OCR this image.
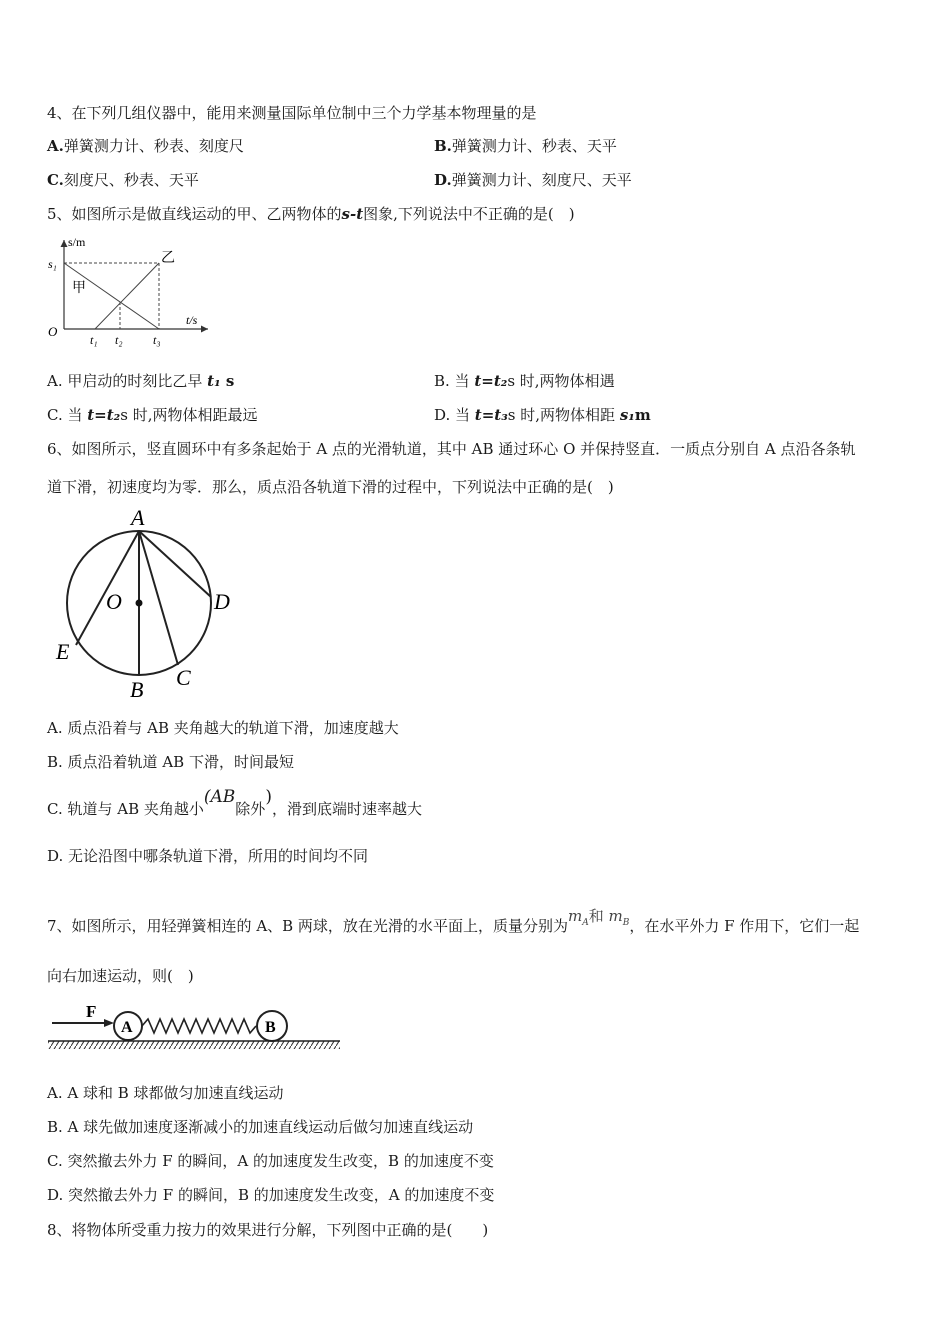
4、在下列几组仪器中，能用来测量国际单位制中三个力学基本物理量的是
A.弹簧测力计、秒表、刻度尺	B.弹簧测力计、秒表、天平
C.刻度尺、秒表、天平	D.弹簧测力计、刻度尺、天平
5、如图所示是做直线运动的甲、乙两物体的s-t图象,下列说法中不正确的是(　)
s/m
t/s
O
s₁
t₁ t₂	t₃
甲
乙
A. 甲启动的时刻比乙早 t₁ s	B. 当 t=t₂s 时,两物体相遇
C. 当 t=t₂s 时,两物体相距最远	D. 当 t=t₃s 时,两物体相距 s₁m
6、如图所示，竖直圆环中有多条起始于 A 点的光滑轨道，其中 AB 通过环心 O 并保持竖直．一质点分别自 A 点沿各条轨
道下滑，初速度均为零．那么，质点沿各轨道下滑的过程中，下列说法中正确的是(　)
A
O	D
E
C
B
A. 质点沿着与 AB 夹角越大的轨道下滑，加速度越大
B. 质点沿着轨道 AB 下滑，时间最短
C. 轨道与 AB 夹角越小(AB除外)，滑到底端时速率越大
D. 无论沿图中哪条轨道下滑，所用的时间均不同
7、如图所示，用轻弹簧相连的 A、B 两球，放在光滑的水平面上，质量分别为$m^A$和 $m^B$，在水平外力 F 作用下，它们一起
向右加速运动，则(　)
F
A	B
A. A 球和 B 球都做匀加速直线运动
B. A 球先做加速度逐渐减小的加速直线运动后做匀加速直线运动
C. 突然撤去外力 F 的瞬间，A 的加速度发生改变，B 的加速度不变
D. 突然撤去外力 F 的瞬间，B 的加速度发生改变，A 的加速度不变
8、将物体所受重力按力的效果进行分解，下列图中正确的是(　　)
